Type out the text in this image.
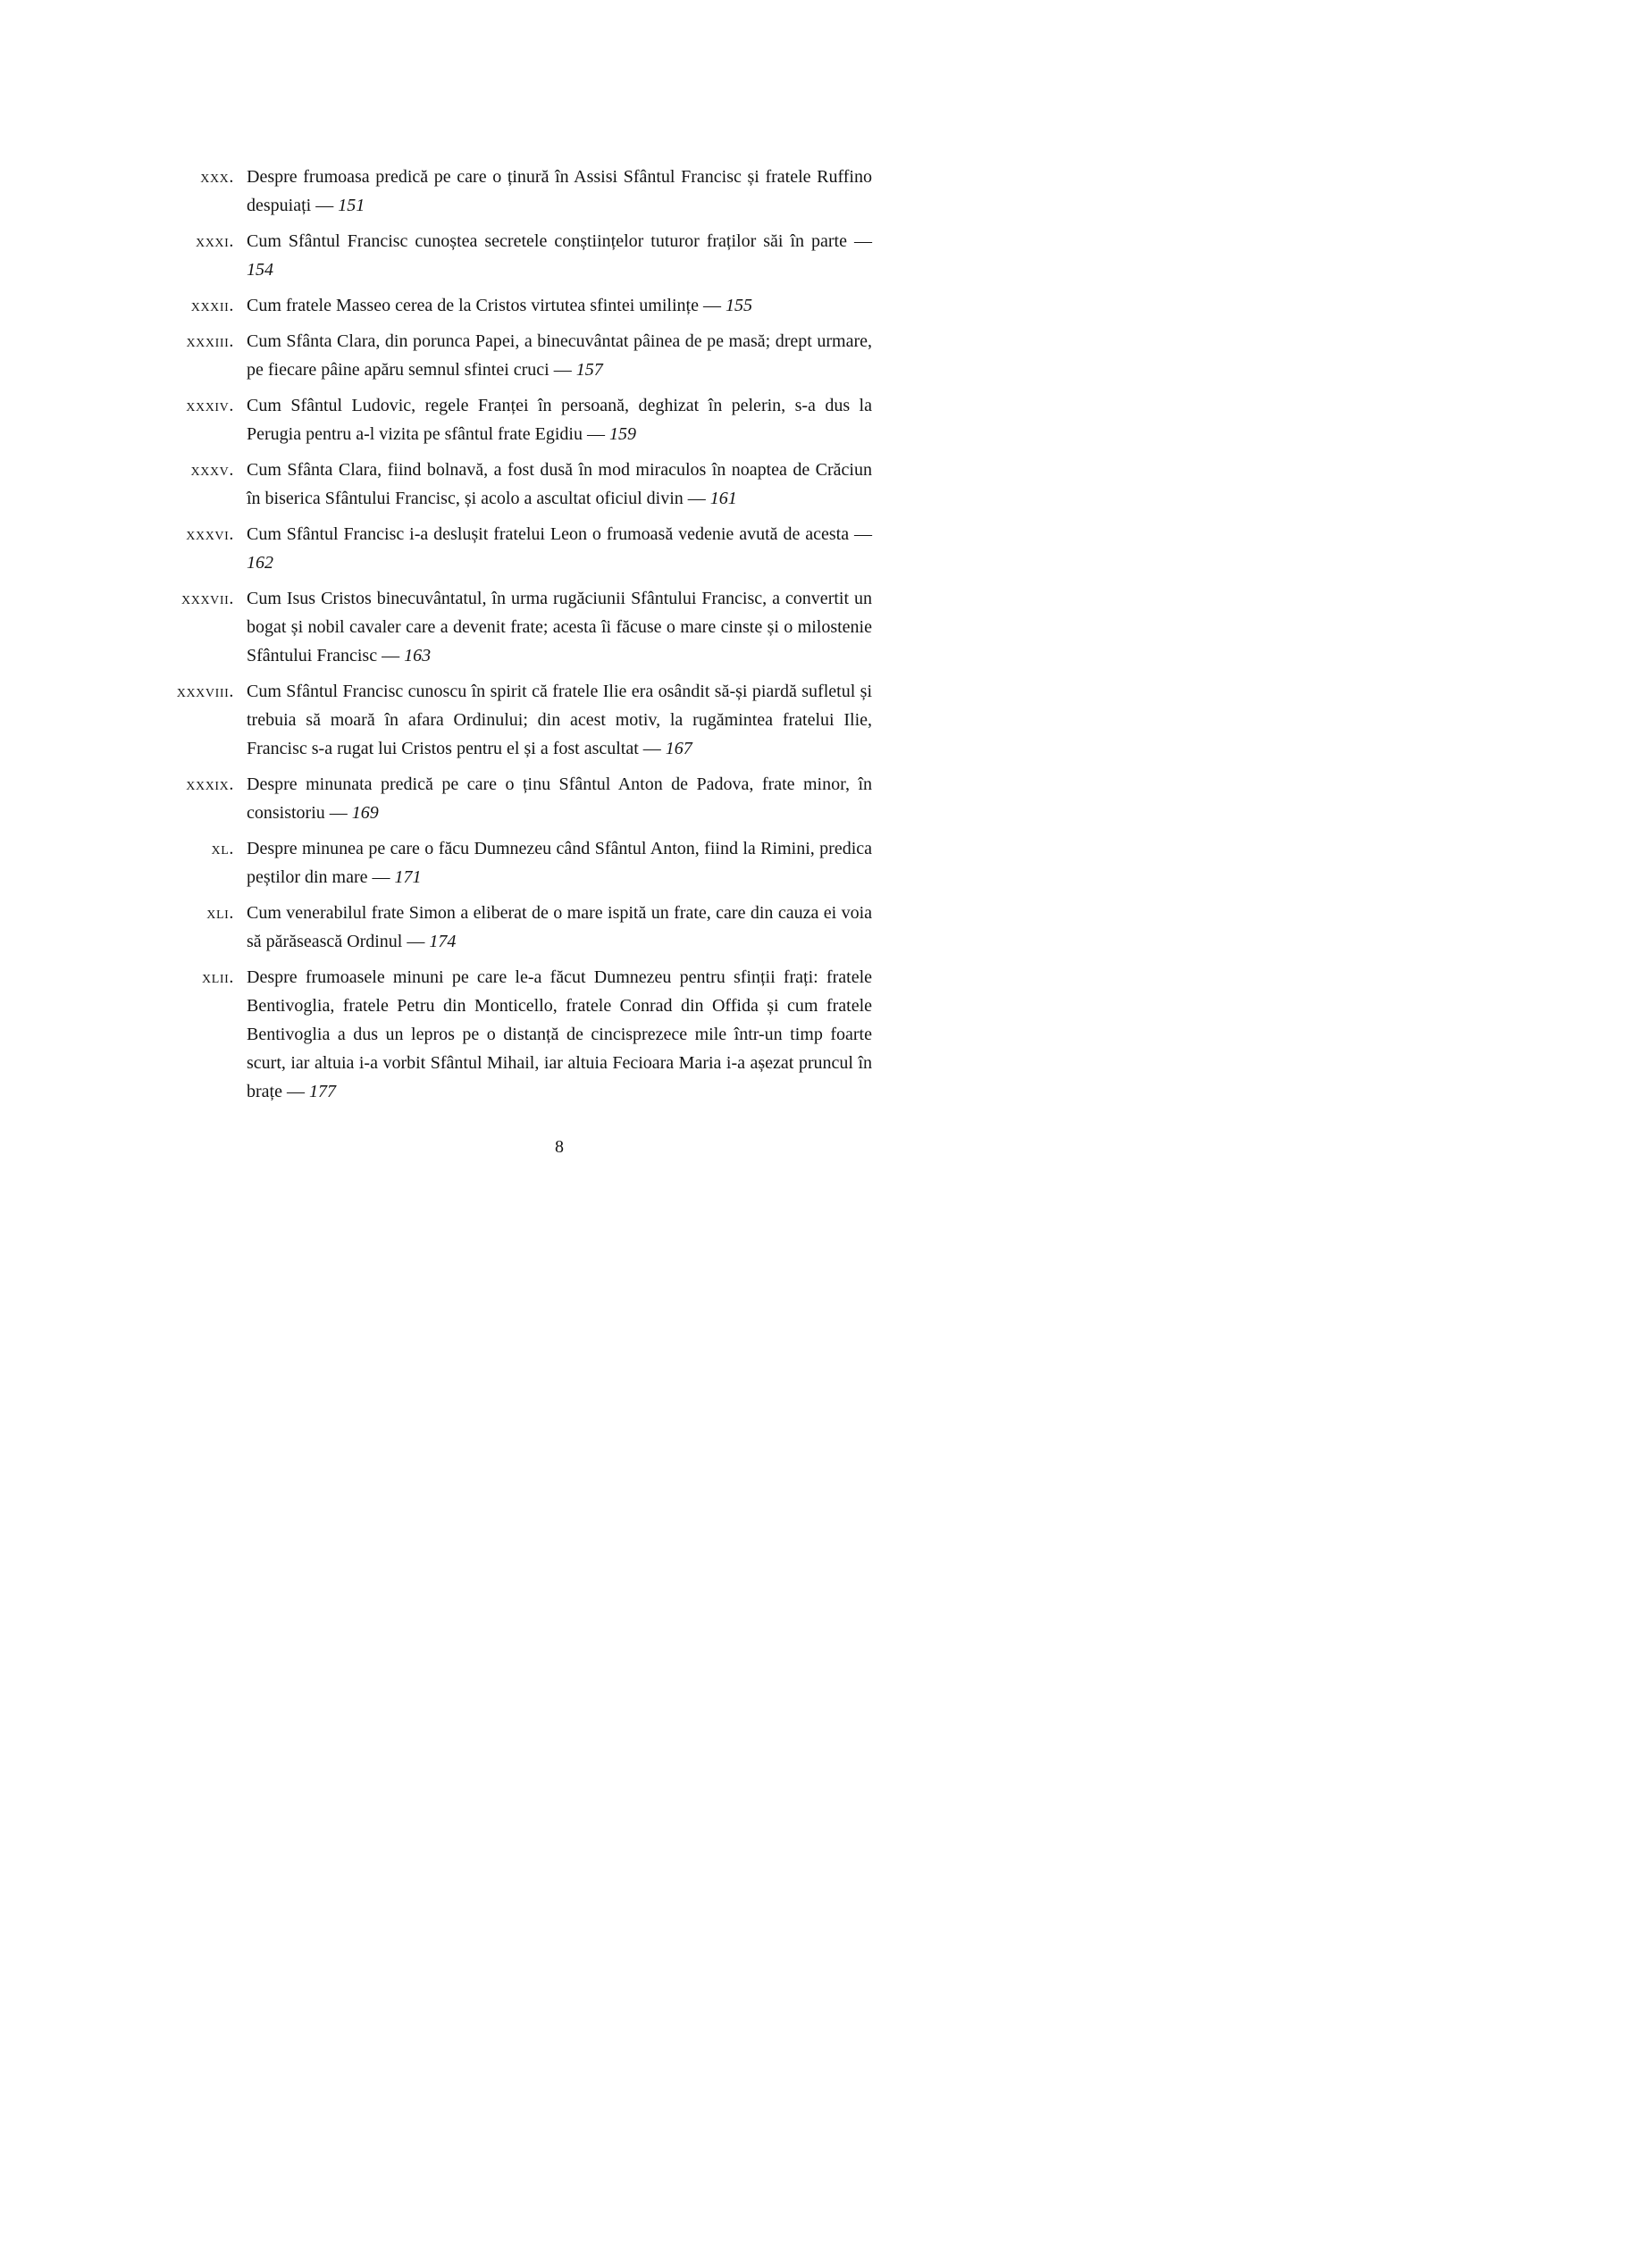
xxx. Despre frumoasa predică pe care o ținură în Assisi Sfântul Francisc și fratele Ruffino despuiați — 151
xxxi. Cum Sfântul Francisc cunoștea secretele conștiințelor tuturor fraților săi în parte — 154
xxxii. Cum fratele Masseo cerea de la Cristos virtutea sfintei umilințe — 155
xxxiii. Cum Sfânta Clara, din porunca Papei, a binecuvântat pâinea de pe masă; drept urmare, pe fiecare pâine apăru semnul sfintei cruci — 157
xxxiv. Cum Sfântul Ludovic, regele Franței în persoană, deghizat în pelerin, s-a dus la Perugia pentru a-l vizita pe sfântul frate Egidiu — 159
xxxv. Cum Sfânta Clara, fiind bolnavă, a fost dusă în mod miraculos în noaptea de Crăciun în biserica Sfântului Francisc, și acolo a ascultat oficiul divin — 161
xxxvi. Cum Sfântul Francisc i-a deslușit fratelui Leon o frumoasă vedenie avută de acesta — 162
xxxvii. Cum Isus Cristos binecuvântatul, în urma rugăciunii Sfântului Francisc, a convertit un bogat și nobil cavaler care a devenit frate; acesta îi făcuse o mare cinste și o milostenie Sfântului Francisc — 163
xxxviii. Cum Sfântul Francisc cunoscu în spirit că fratele Ilie era osândit să-și piardă sufletul și trebuia să moară în afara Ordinului; din acest motiv, la rugămintea fratelui Ilie, Francisc s-a rugat lui Cristos pentru el și a fost ascultat — 167
xxxix. Despre minunata predică pe care o ținu Sfântul Anton de Padova, frate minor, în consistoriu — 169
xl. Despre minunea pe care o făcu Dumnezeu când Sfântul Anton, fiind la Rimini, predica peștilor din mare — 171
xli. Cum venerabilul frate Simon a eliberat de o mare ispită un frate, care din cauza ei voia să părăsească Ordinul — 174
xlii. Despre frumoasele minuni pe care le-a făcut Dumnezeu pentru sfinții frați: fratele Bentivoglia, fratele Petru din Monticello, fratele Conrad din Offida și cum fratele Bentivoglia a dus un lepros pe o distanță de cincisprezece mile într-un timp foarte scurt, iar altuia i-a vorbit Sfântul Mihail, iar altuia Fecioara Maria i-a așezat pruncul în brațe — 177
8
